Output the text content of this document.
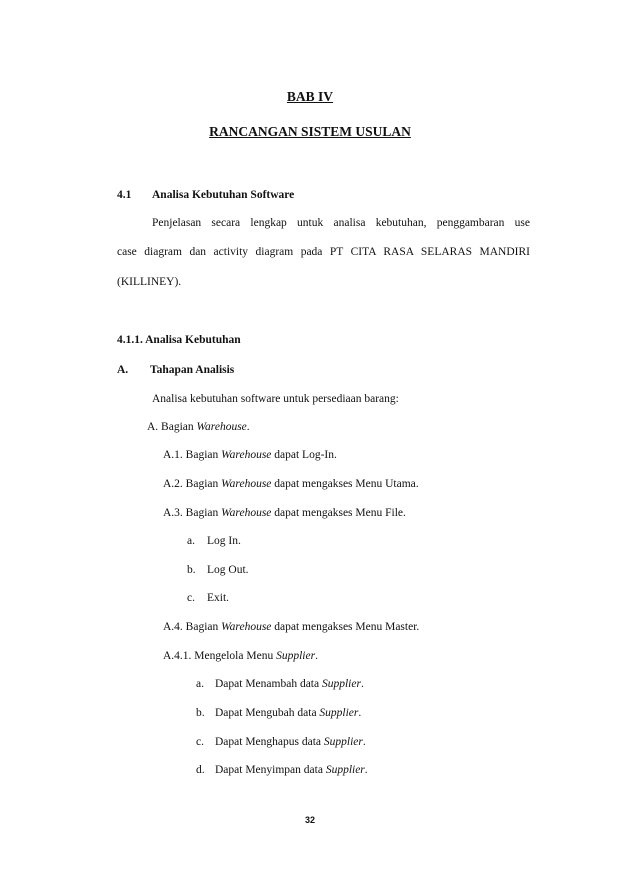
BAB IV
RANCANGAN SISTEM USULAN
4.1 Analisa Kebutuhan Software
Penjelasan secara lengkap untuk analisa kebutuhan, penggambaran use
case diagram dan activity diagram pada PT CITA RASA SELARAS MANDIRI
(KILLINEY).
4.1.1. Analisa Kebutuhan
A. Tahapan Analisis
Analisa kebutuhan software untuk persediaan barang:
A. Bagian Warehouse.
A.1. Bagian Warehouse dapat Log-In.
A.2. Bagian Warehouse dapat mengakses Menu Utama.
A.3. Bagian Warehouse dapat mengakses Menu File.
a. Log In.
b. Log Out.
c. Exit.
A.4. Bagian Warehouse dapat mengakses Menu Master.
A.4.1. Mengelola Menu Supplier.
a. Dapat Menambah data Supplier.
b. Dapat Mengubah data Supplier.
c. Dapat Menghapus data Supplier.
d. Dapat Menyimpan data Supplier.
32
